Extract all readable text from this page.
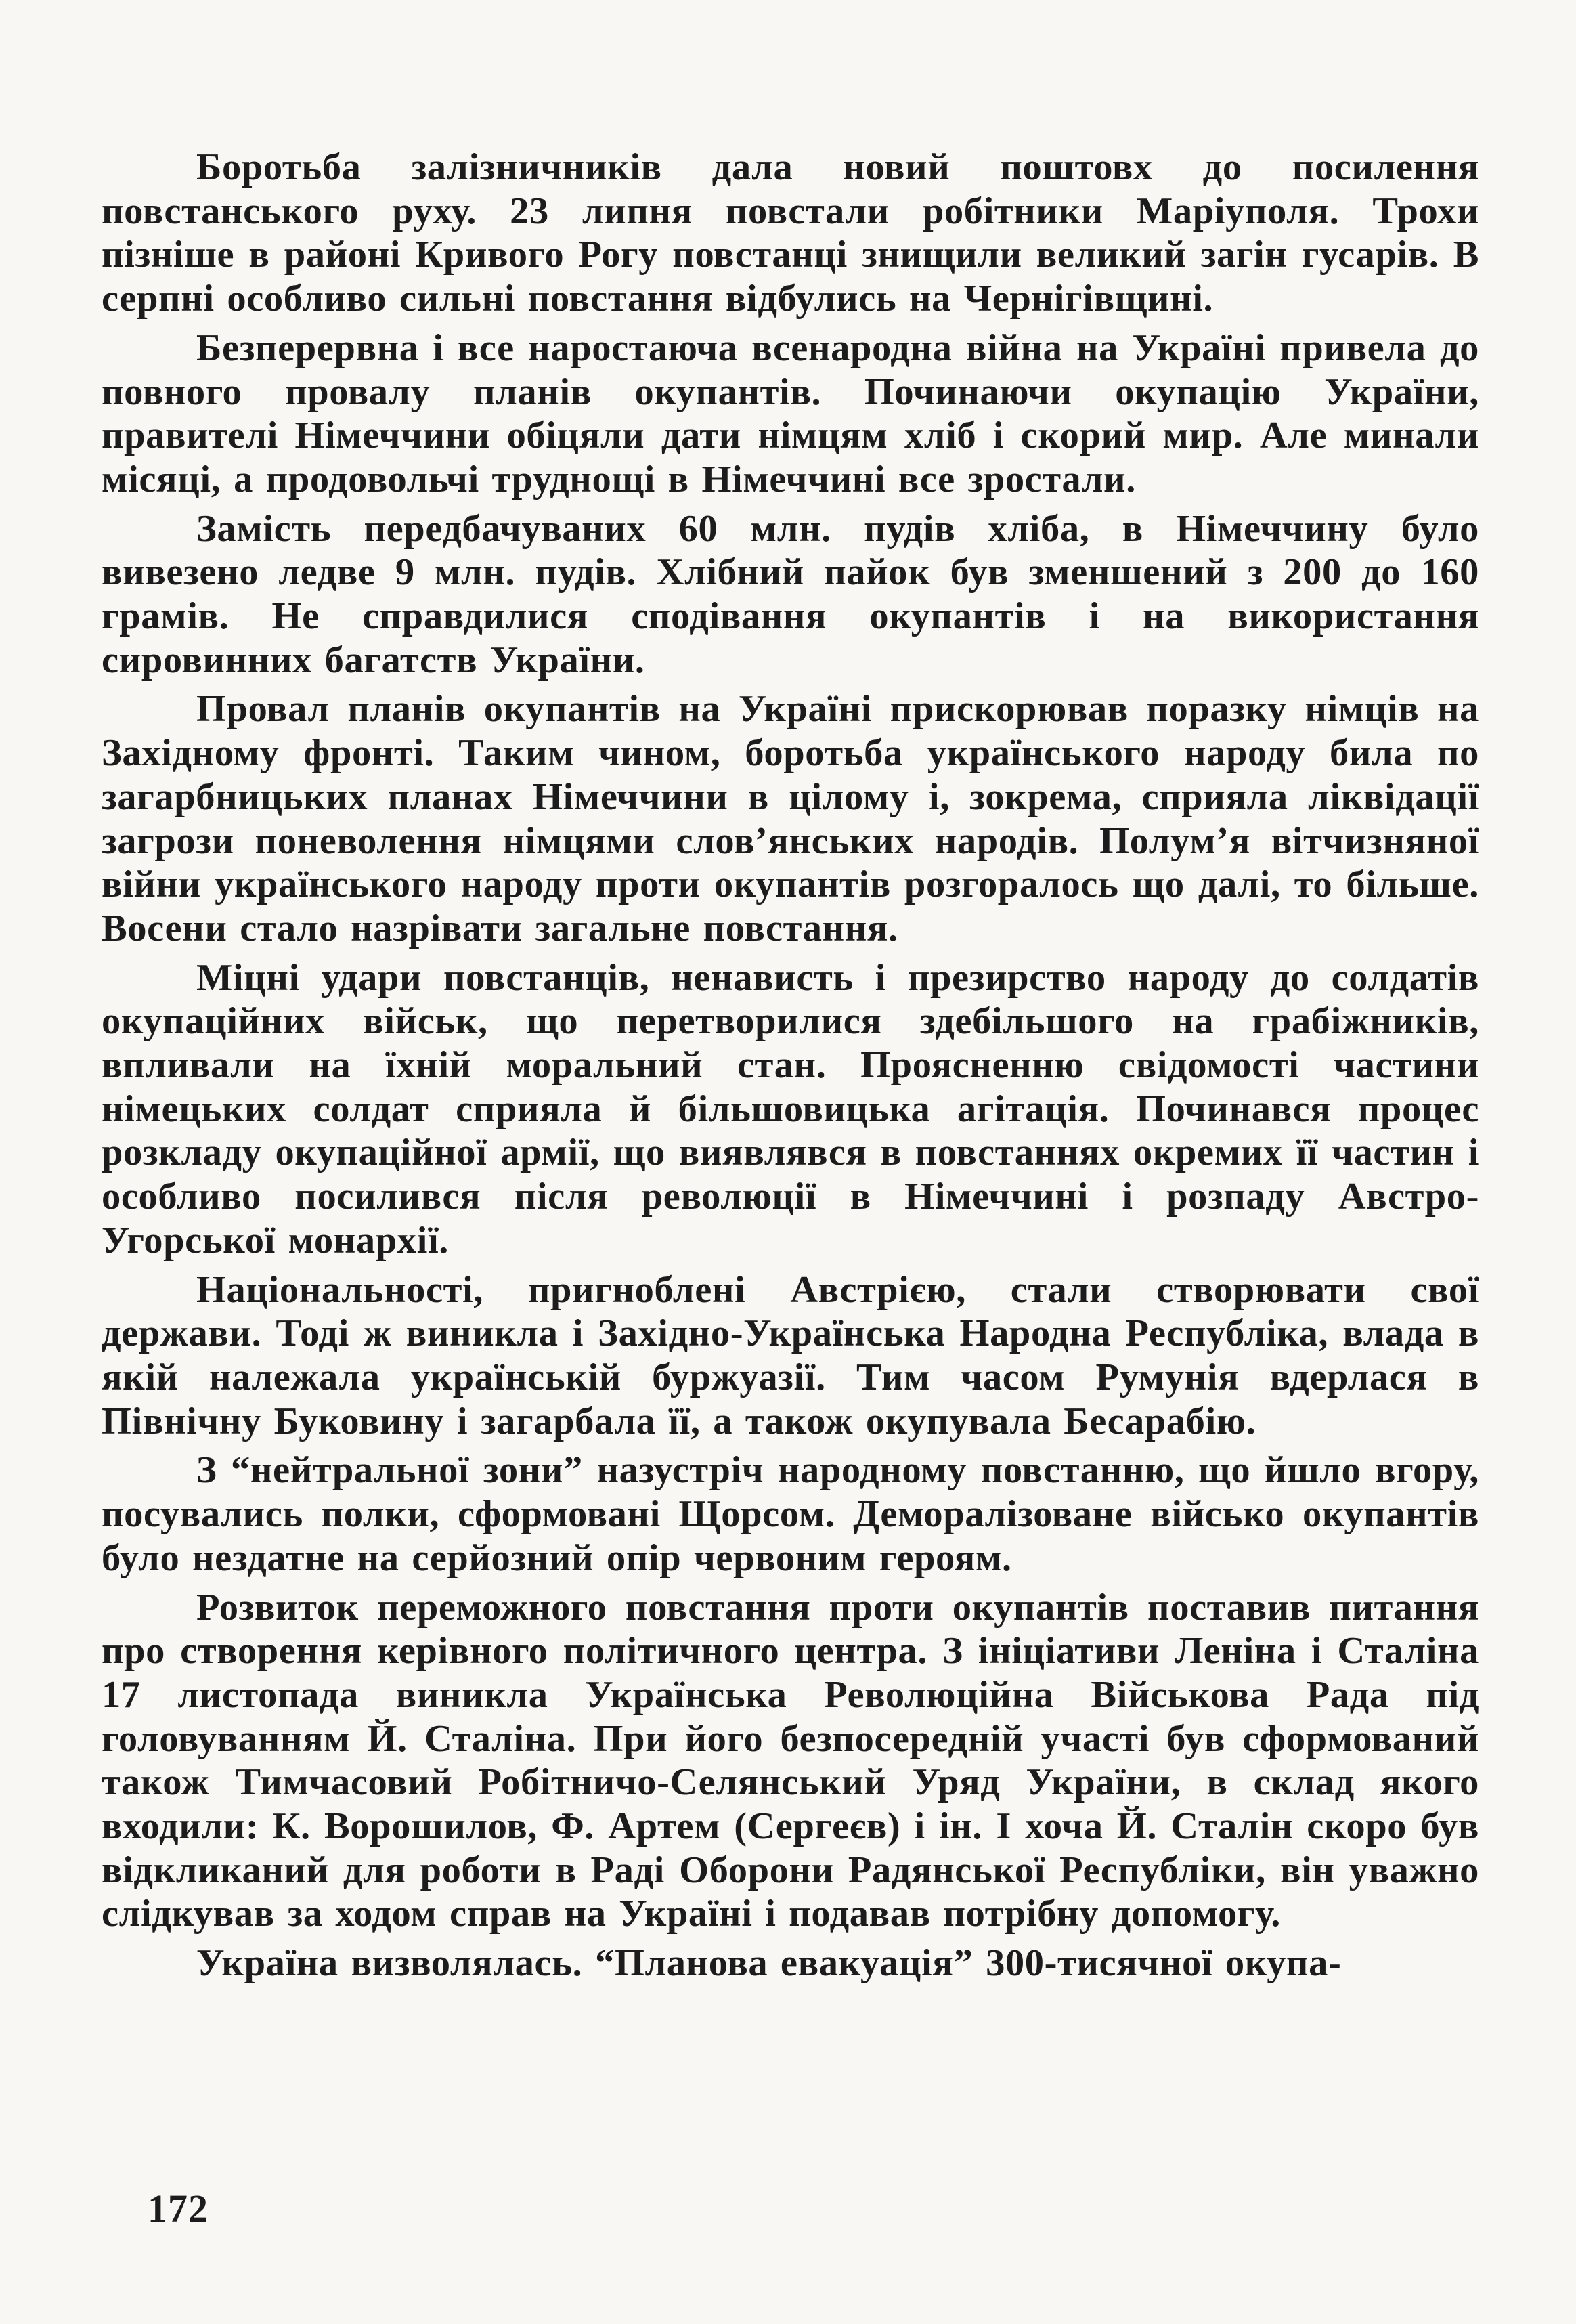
Боротьба залізничників дала новий поштовх до посилення повстанського руху. 23 липня повстали робітники Маріуполя. Трохи пізніше в районі Кривого Рогу повстанці знищили великий загін гусарів. В серпні особливо сильні повстання відбулись на Чернігівщині.

Безперервна і все наростаюча всенародна війна на Україні привела до повного провалу планів окупантів. Починаючи окупацію України, правителі Німеччини обіцяли дати німцям хліб і скорий мир. Але минали місяці, а продовольчі труднощі в Німеччині все зростали.

Замість передбачуваних 60 млн. пудів хліба, в Німеччину було вивезено ледве 9 млн. пудів. Хлібний пайок був зменшений з 200 до 160 грамів. Не справдилися сподівання окупантів і на використання сировинних багатств України.

Провал планів окупантів на Україні прискорював поразку німців на Західному фронті. Таким чином, боротьба українського народу била по загарбницьких планах Німеччини в цілому і, зокрема, сприяла ліквідації загрози поневолення німцями слов’янських народів. Полум’я вітчизняної війни українського народу проти окупантів розгоралось що далі, то більше. Восени стало назрівати загальне повстання.

Міцні удари повстанців, ненависть і презирство народу до солдатів окупаційних військ, що перетворилися здебільшого на грабіжників, впливали на їхній моральний стан. Проясненню свідомості частини німецьких солдат сприяла й більшовицька агітація. Починався процес розкладу окупаційної армії, що виявлявся в повстаннях окремих її частин і особливо посилився після революції в Німеччині і розпаду Австро-Угорської монархії.

Національності, пригноблені Австрією, стали створювати свої держави. Тоді ж виникла і Західно-Українська Народна Республіка, влада в якій належала українській буржуазії. Тим часом Румунія вдерлася в Північну Буковину і загарбала її, а також окупувала Бесарабію.

З “нейтральної зони” назустріч народному повстанню, що йшло вгору, посувались полки, сформовані Щорсом. Деморалізоване військо окупантів було нездатне на серйозний опір червоним героям.

Розвиток переможного повстання проти окупантів поставив питання про створення керівного політичного центра. З ініціативи Леніна і Сталіна 17 листопада виникла Українська Революційна Військова Рада під головуванням Й. Сталіна. При його безпосередній участі був сформований також Тимчасовий Робітничо-Селянський Уряд України, в склад якого входили: К. Ворошилов, Ф. Артем (Сергеєв) і ін. І хоча Й. Сталін скоро був відкликаний для роботи в Раді Оборони Радянської Республіки, він уважно слідкував за ходом справ на Україні і подавав потрібну допомогу.

Україна визволялась. “Планова евакуація” 300-тисячної окупа-

172
